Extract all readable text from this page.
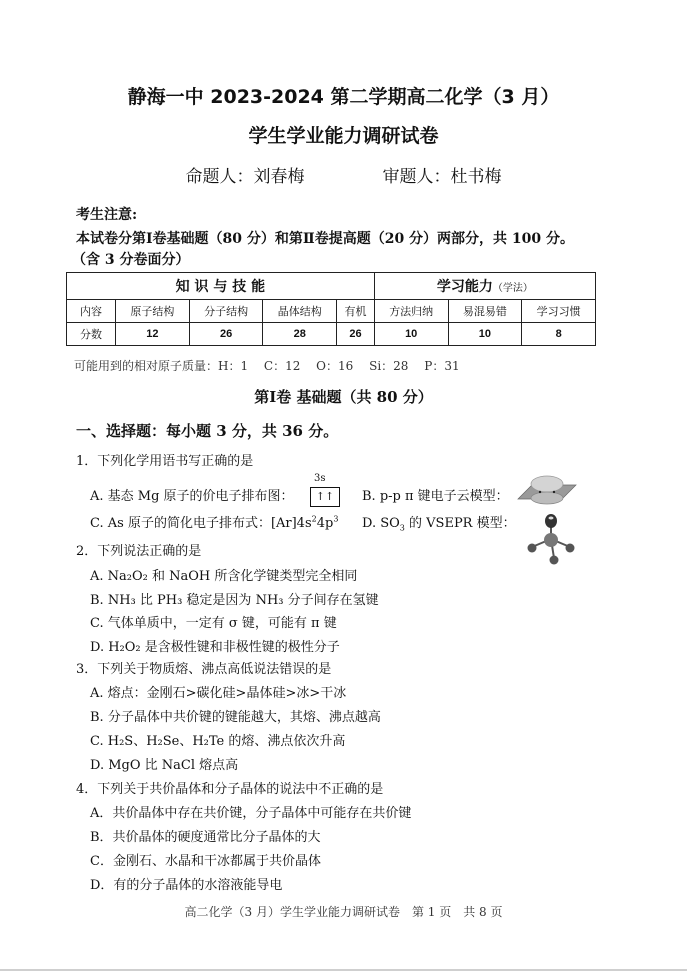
静海一中 2023-2024 第二学期高二化学（3 月）
学生学业能力调研试卷
命题人：刘春梅	审题人：杜书梅
考生注意:
本试卷分第Ⅰ卷基础题（80 分）和第Ⅱ卷提高题（20 分）两部分，共 100 分。
（含 3 分卷面分）
知 识 与 技 能					学习能力（学法）		
内容	原子结构	分子结构	晶体结构	有机	方法归纳	易混易错	学习习惯
分数	12	26	28	26	10	10	8
可能用到的相对原子质量：H：1　 C：12　 O：16　 Si：28　 P：31
第Ⅰ卷 基础题（共 80 分）
一、选择题：每小题 3 分，共 36 分。
1．下列化学用语书写正确的是
A. 基态 Mg 原子的价电子排布图：
3s
↑↑	B. p-p π 键电子云模型：
C. As 原子的简化电子排布式：$[Ar]4s^24p^3$ D. $SO_3$ 的 VSEPR 模型：
2．下列说法正确的是
A. Na₂O₂ 和 NaOH 所含化学键类型完全相同
B. NH₃ 比 PH₃ 稳定是因为 NH₃ 分子间存在氢键
C. 气体单质中，一定有 σ 键，可能有 π 键
D. H₂O₂ 是含极性键和非极性键的极性分子
3．下列关于物质熔、沸点高低说法错误的是
A. 熔点：金刚石>碳化硅>晶体硅>冰>干冰
B. 分子晶体中共价键的键能越大，其熔、沸点越高
C. H₂S、H₂Se、H₂Te 的熔、沸点依次升高
D. MgO 比 NaCl 熔点高
4．下列关于共价晶体和分子晶体的说法中不正确的是
A．共价晶体中存在共价键，分子晶体中可能存在共价键
B．共价晶体的硬度通常比分子晶体的大
C．金刚石、水晶和干冰都属于共价晶体
D．有的分子晶体的水溶液能导电
高二化学（3 月）学生学业能力调研试卷　第 1 页　共 8 页
